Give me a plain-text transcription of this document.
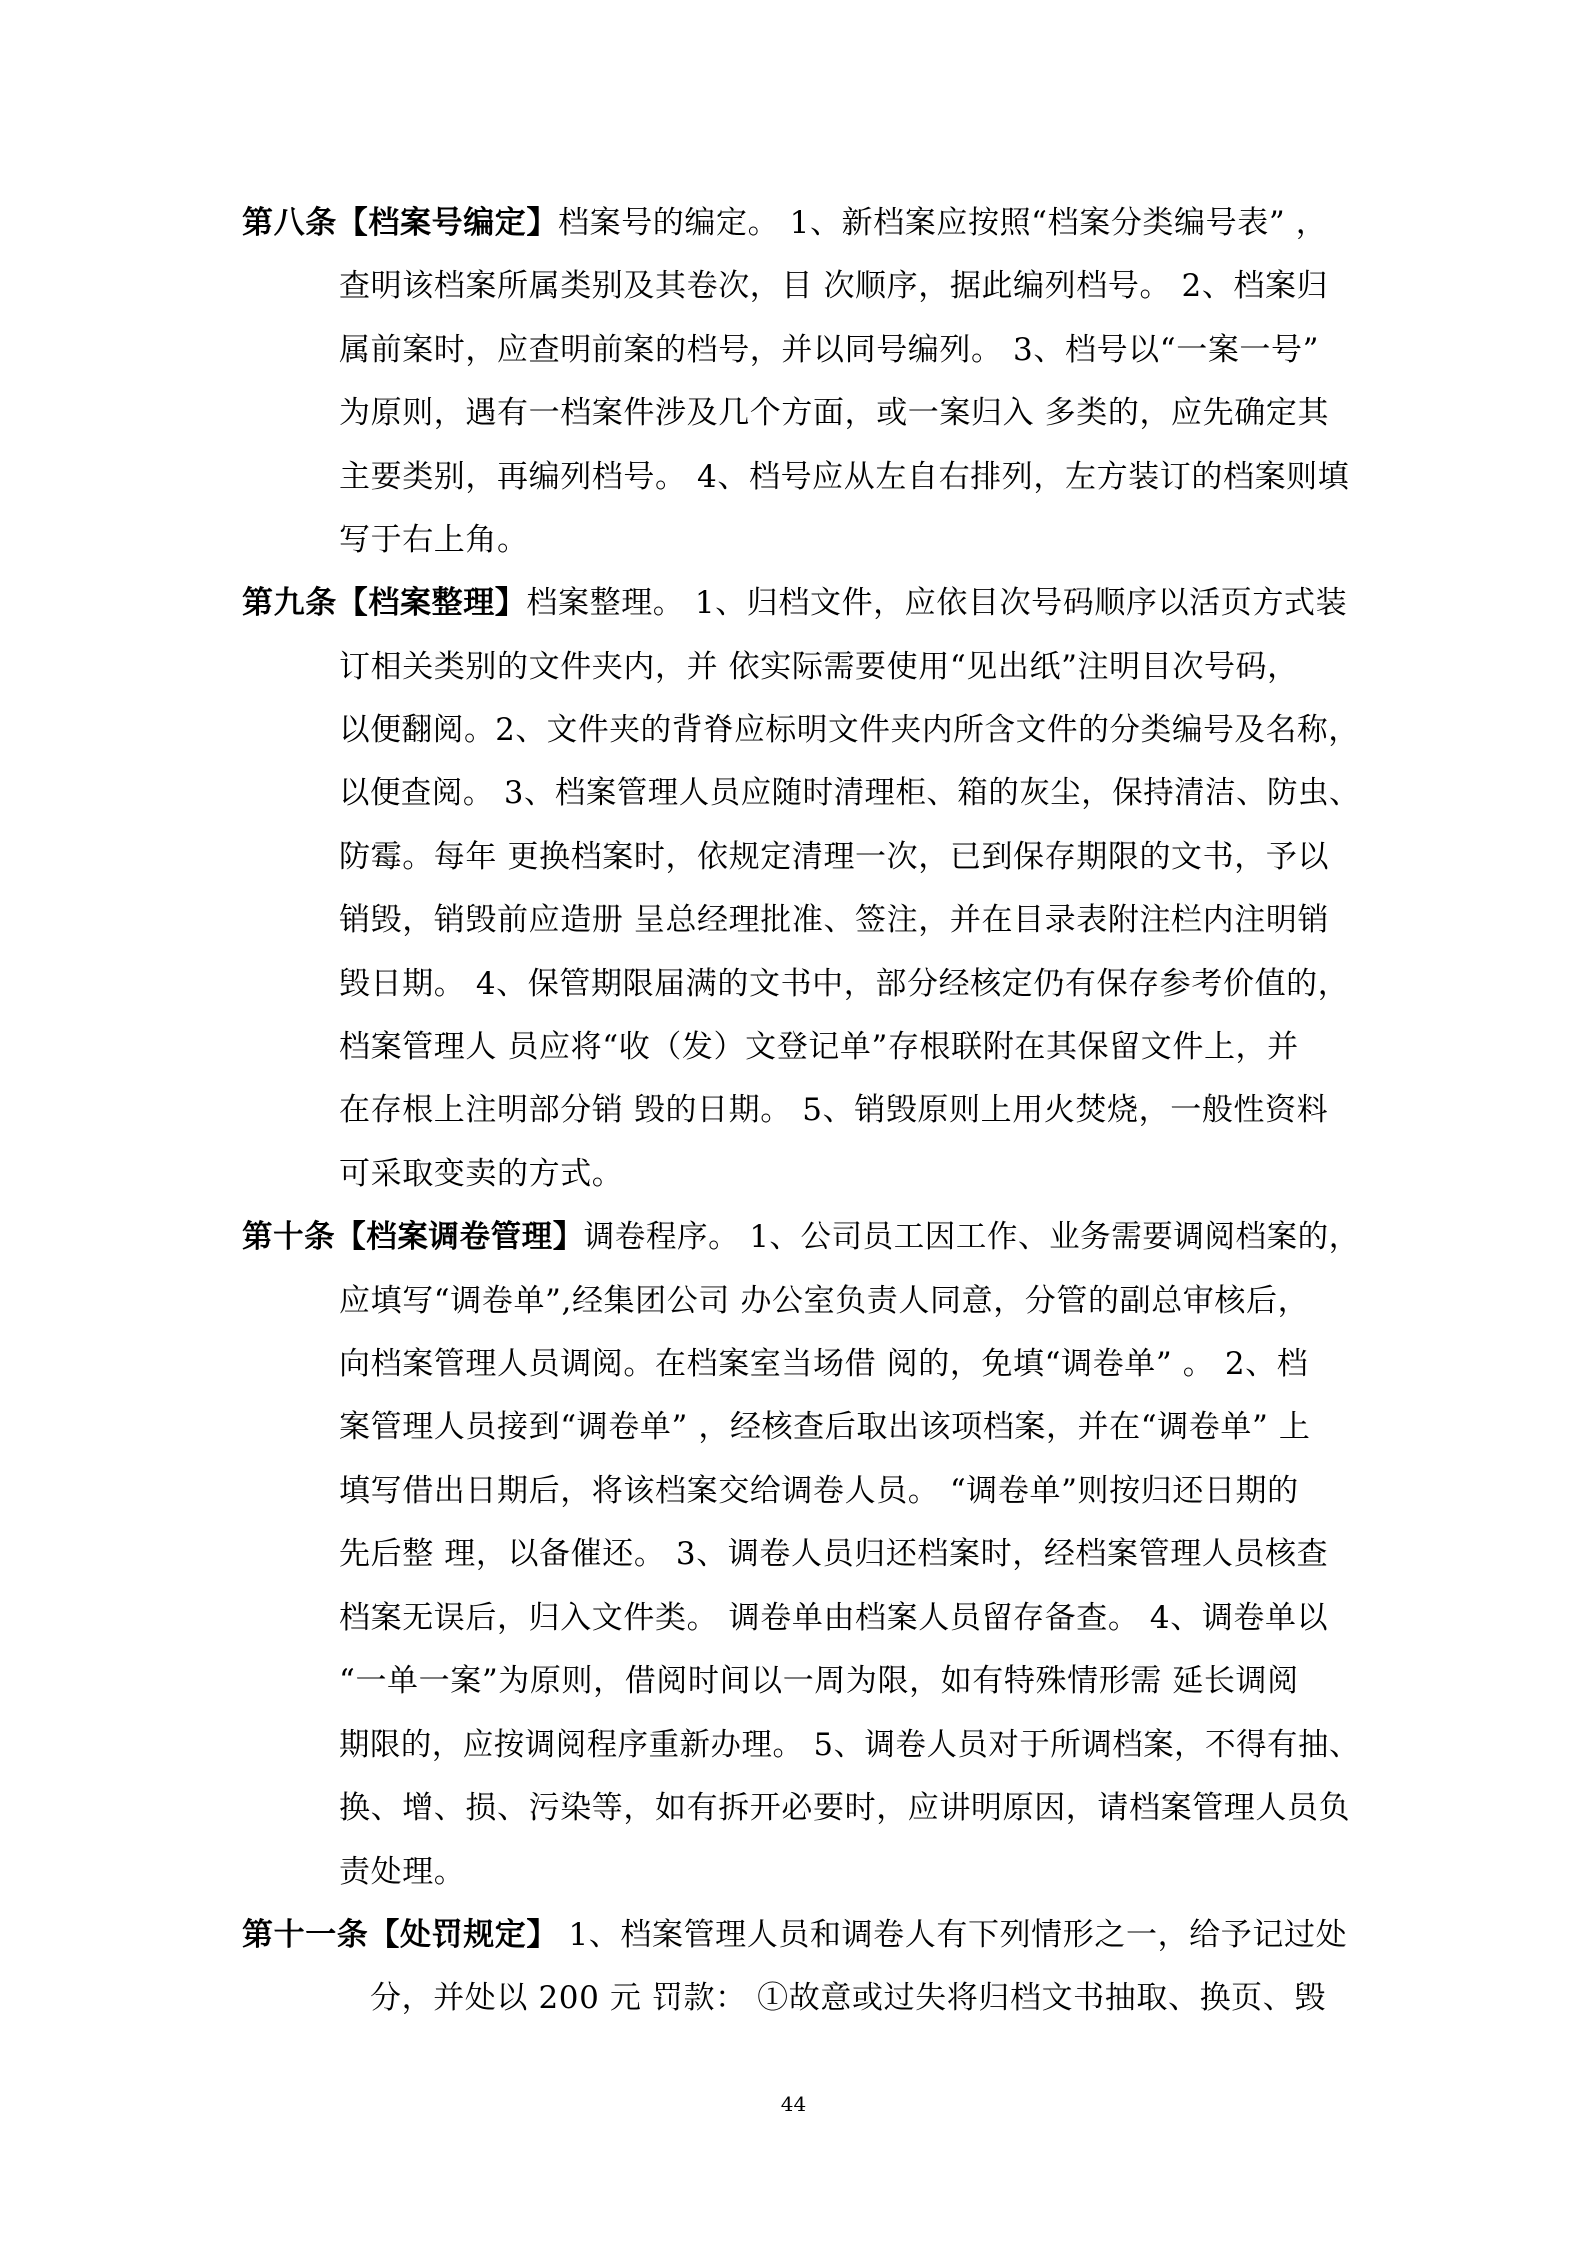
第八条【档案号编定】档案号的编定。 1、新档案应按照“档案分类编号表” ，
查明该档案所属类别及其卷次，目 次顺序，据此编列档号。 2、档案归
属前案时，应查明前案的档号，并以同号编列。 3、档号以“一案一号”
为原则，遇有一档案件涉及几个方面，或一案归入 多类的，应先确定其
主要类别，再编列档号。 4、档号应从左自右排列，左方装订的档案则填
写于右上角。
第九条【档案整理】档案整理。 1、归档文件，应依目次号码顺序以活页方式装
订相关类别的文件夹内，并 依实际需要使用“见出纸”注明目次号码，
以便翻阅。2、文件夹的背脊应标明文件夹内所含文件的分类编号及名称，
以便查阅。 3、档案管理人员应随时清理柜、箱的灰尘，保持清洁、防虫、
防霉。每年 更换档案时，依规定清理一次，已到保存期限的文书，予以
销毁，销毁前应造册 呈总经理批准、签注，并在目录表附注栏内注明销
毁日期。 4、保管期限届满的文书中，部分经核定仍有保存参考价值的，
档案管理人 员应将“收（发）文登记单”存根联附在其保留文件上，并
在存根上注明部分销 毁的日期。 5、销毁原则上用火焚烧，一般性资料
可采取变卖的方式。
第十条【档案调卷管理】调卷程序。 1、公司员工因工作、业务需要调阅档案的，
应填写“调卷单”,经集团公司 办公室负责人同意，分管的副总审核后，
向档案管理人员调阅。在档案室当场借 阅的，免填“调卷单” 。 2、档
案管理人员接到“调卷单” ，经核查后取出该项档案，并在“调卷单” 上
填写借出日期后，将该档案交给调卷人员。 “调卷单”则按归还日期的
先后整 理，以备催还。 3、调卷人员归还档案时，经档案管理人员核查
档案无误后，归入文件类。 调卷单由档案人员留存备查。 4、调卷单以
“一单一案”为原则，借阅时间以一周为限，如有特殊情形需 延长调阅
期限的，应按调阅程序重新办理。 5、调卷人员对于所调档案，不得有抽、
换、增、损、污染等，如有拆开必要时，应讲明原因，请档案管理人员负
责处理。
第十一条【处罚规定】 1、档案管理人员和调卷人有下列情形之一，给予记过处
分，并处以 200 元 罚款： ①故意或过失将归档文书抽取、换页、毁
44
